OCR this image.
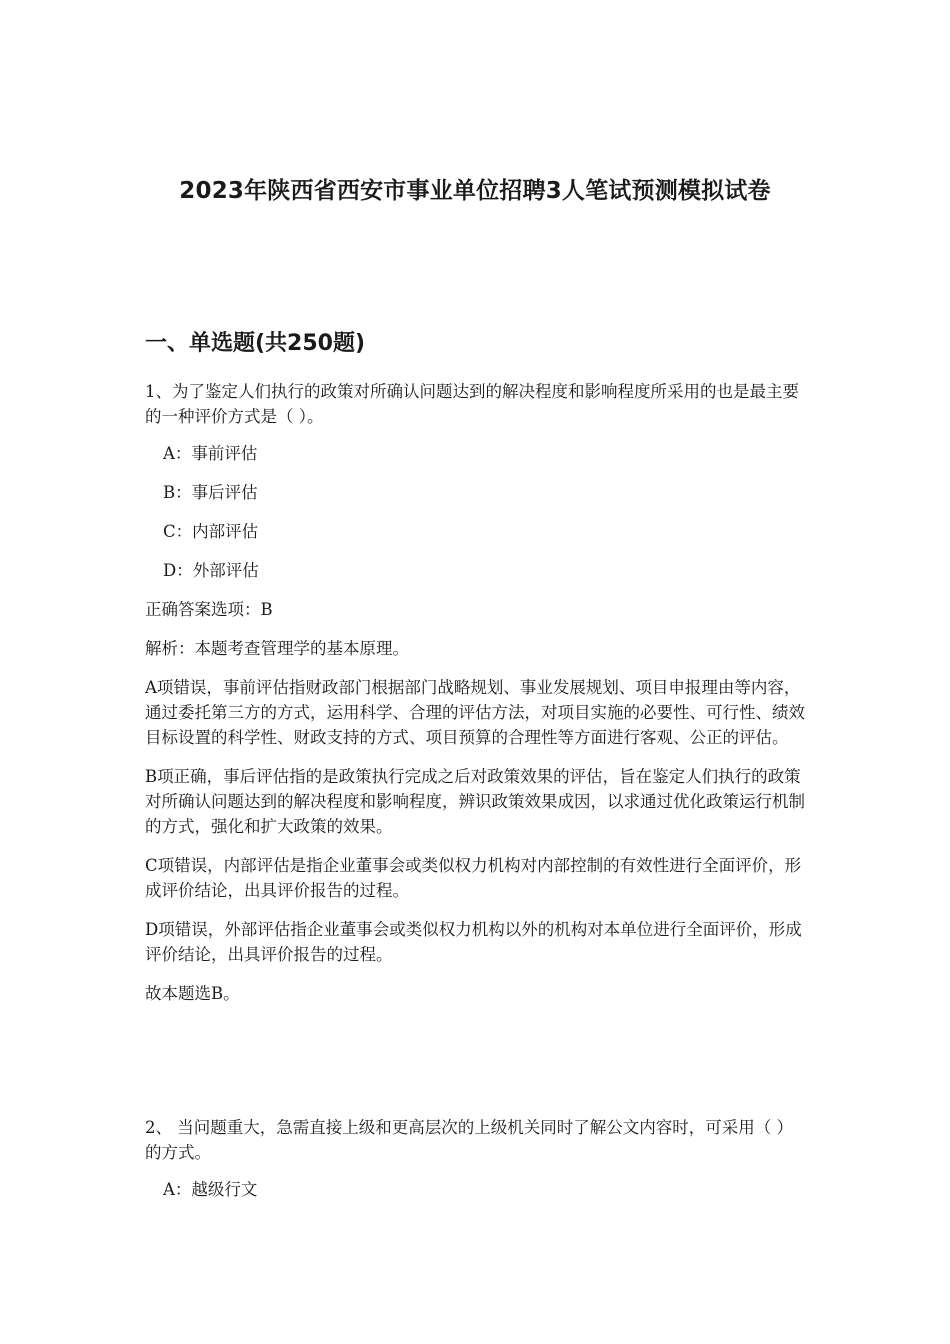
2023年陕西省西安市事业单位招聘3人笔试预测模拟试卷
一、单选题(共250题)

1、为了鉴定人们执行的政策对所确认问题达到的解决程度和影响程度所采用的也是最主要的一种评价方式是（ ）。

A：事前评估

B：事后评估

C：内部评估

D：外部评估

正确答案选项：B

解析：本题考查管理学的基本原理。

A项错误，事前评估指财政部门根据部门战略规划、事业发展规划、项目申报理由等内容，通过委托第三方的方式，运用科学、合理的评估方法，对项目实施的必要性、可行性、绩效目标设置的科学性、财政支持的方式、项目预算的合理性等方面进行客观、公正的评估。

B项正确，事后评估指的是政策执行完成之后对政策效果的评估，旨在鉴定人们执行的政策对所确认问题达到的解决程度和影响程度，辨识政策效果成因，以求通过优化政策运行机制的方式，强化和扩大政策的效果。

C项错误，内部评估是指企业董事会或类似权力机构对内部控制的有效性进行全面评价，形成评价结论，出具评价报告的过程。

D项错误，外部评估指企业董事会或类似权力机构以外的机构对本单位进行全面评价，形成评价结论，出具评价报告的过程。

故本题选B。

2、 当问题重大，急需直接上级和更高层次的上级机关同时了解公文内容时，可采用（ ）的方式。

A：越级行文
